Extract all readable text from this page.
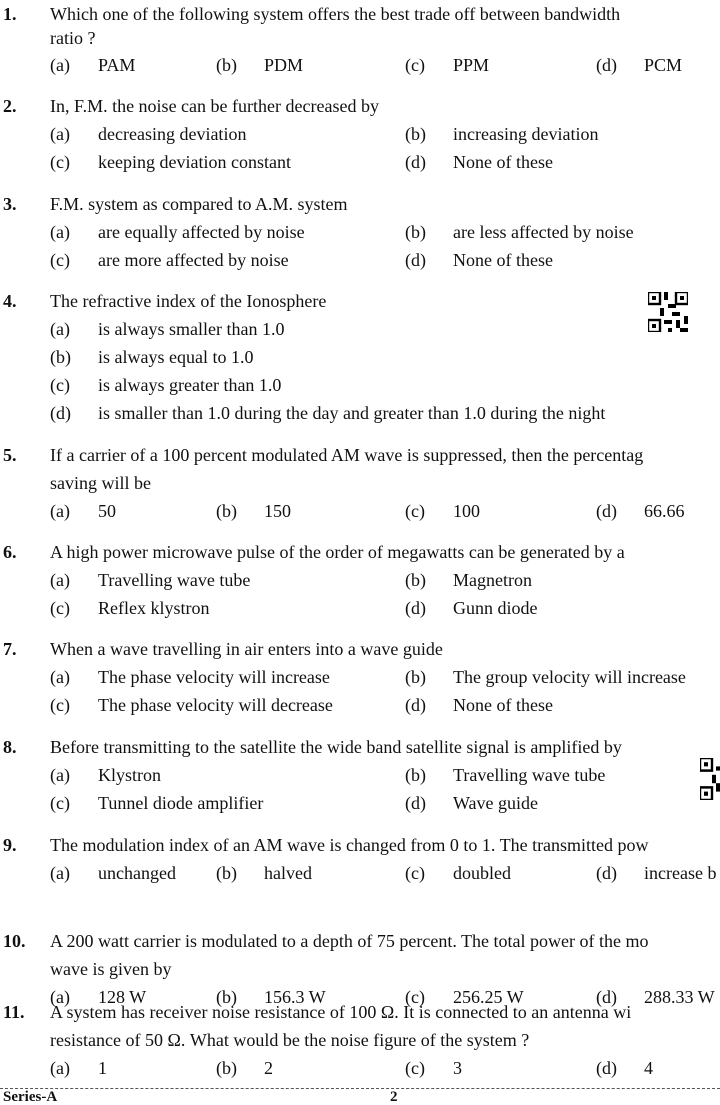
1. Which one of the following system offers the best trade off between bandwidth
ratio ?
(a) PAM	(b) PDM	(c) PPM	(d) PCM
2. In, F.M. the noise can be further decreased by
(a) decreasing deviation	(b) increasing deviation
(c) keeping deviation constant	(d) None of these
3. F.M. system as compared to A.M. system
(a) are equally affected by noise	(b) are less affected by noise
(c) are more affected by noise	(d) None of these
4. The refractive index of the Ionosphere
(a) is always smaller than 1.0
(b) is always equal to 1.0
(c) is always greater than 1.0
(d) is smaller than 1.0 during the day and greater than 1.0 during the night
5. If a carrier of a 100 percent modulated AM wave is suppressed, then the percentag
saving will be
(a) 50	(b) 150	(c) 100	(d) 66.66
6. A high power microwave pulse of the order of megawatts can be generated by a
(a) Travelling wave tube	(b) Magnetron
(c) Reflex klystron	(d) Gunn diode
7. When a wave travelling in air enters into a wave guide
(a) The phase velocity will increase	(b) The group velocity will increase
(c) The phase velocity will decrease	(d) None of these
8. Before transmitting to the satellite the wide band satellite signal is amplified by
(a) Klystron	(b) Travelling wave tube
(c) Tunnel diode amplifier	(d) Wave guide
9. The modulation index of an AM wave is changed from 0 to 1. The transmitted pow
(a) unchanged (b) halved	(c) doubled	(d) increase b
10. A 200 watt carrier is modulated to a depth of 75 percent. The total power of the mo
wave is given by
(a) 128 W	(b) 156.3 W	(c) 256.25 W	(d) 288.33 W
11. A system has receiver noise resistance of 100 Ω. It is connected to an antenna wi
resistance of 50 Ω. What would be the noise figure of the system ?
(a) 1	(b) 2	(c) 3	(d) 4
Series-A	2
